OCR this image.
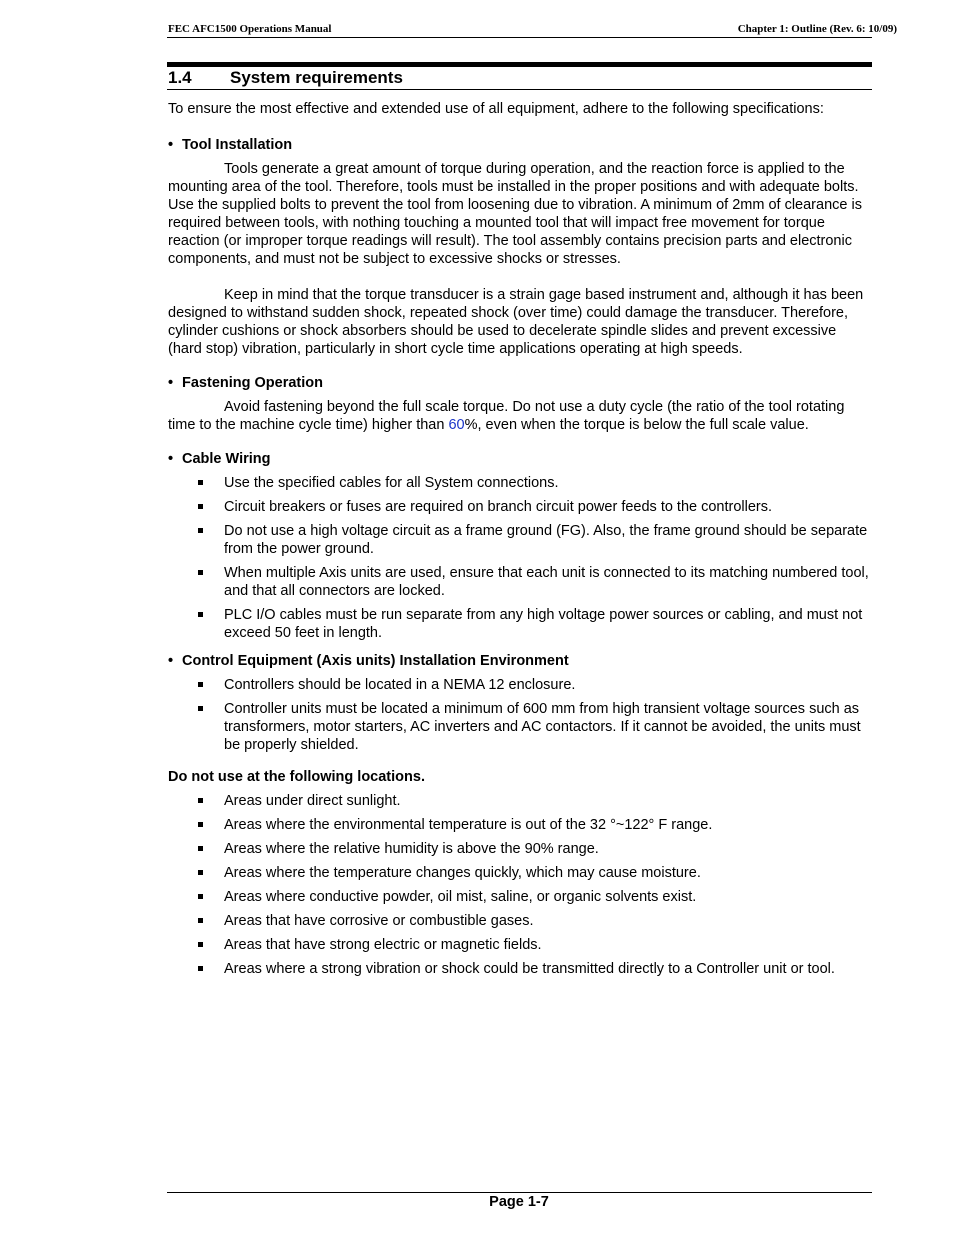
FEC AFC1500 Operations Manual	Chapter 1: Outline (Rev. 6: 10/09)
1.4 System requirements

To ensure the most effective and extended use of all equipment, adhere to the following specifications:

• Tool Installation

Tools generate a great amount of torque during operation, and the reaction force is applied to the mounting area of the tool. Therefore, tools must be installed in the proper positions and with adequate bolts. Use the supplied bolts to prevent the tool from loosening due to vibration. A minimum of 2mm of clearance is required between tools, with nothing touching a mounted tool that will impact free movement for torque reaction (or improper torque readings will result). The tool assembly contains precision parts and electronic components, and must not be subject to excessive shocks or stresses.

Keep in mind that the torque transducer is a strain gage based instrument and, although it has been designed to withstand sudden shock, repeated shock (over time) could damage the transducer. Therefore, cylinder cushions or shock absorbers should be used to decelerate spindle slides and prevent excessive (hard stop) vibration, particularly in short cycle time applications operating at high speeds.

• Fastening Operation

Avoid fastening beyond the full scale torque. Do not use a duty cycle (the ratio of the tool rotating time to the machine cycle time) higher than 60%, even when the torque is below the full scale value.

• Cable Wiring
Use the specified cables for all System connections.
Circuit breakers or fuses are required on branch circuit power feeds to the controllers.
Do not use a high voltage circuit as a frame ground (FG). Also, the frame ground should be separate from the power ground.
When multiple Axis units are used, ensure that each unit is connected to its matching numbered tool, and that all connectors are locked.
PLC I/O cables must be run separate from any high voltage power sources or cabling, and must not exceed 50 feet in length.
• Control Equipment (Axis units) Installation Environment
Controllers should be located in a NEMA 12 enclosure.
Controller units must be located a minimum of 600 mm from high transient voltage sources such as transformers, motor starters, AC inverters and AC contactors. If it cannot be avoided, the units must be properly shielded.
Do not use at the following locations.
Areas under direct sunlight.
Areas where the environmental temperature is out of the 32 °~122° F range.
Areas where the relative humidity is above the 90% range.
Areas where the temperature changes quickly, which may cause moisture.
Areas where conductive powder, oil mist, saline, or organic solvents exist.
Areas that have corrosive or combustible gases.
Areas that have strong electric or magnetic fields.
Areas where a strong vibration or shock could be transmitted directly to a Controller unit or tool.
Page 1-7
